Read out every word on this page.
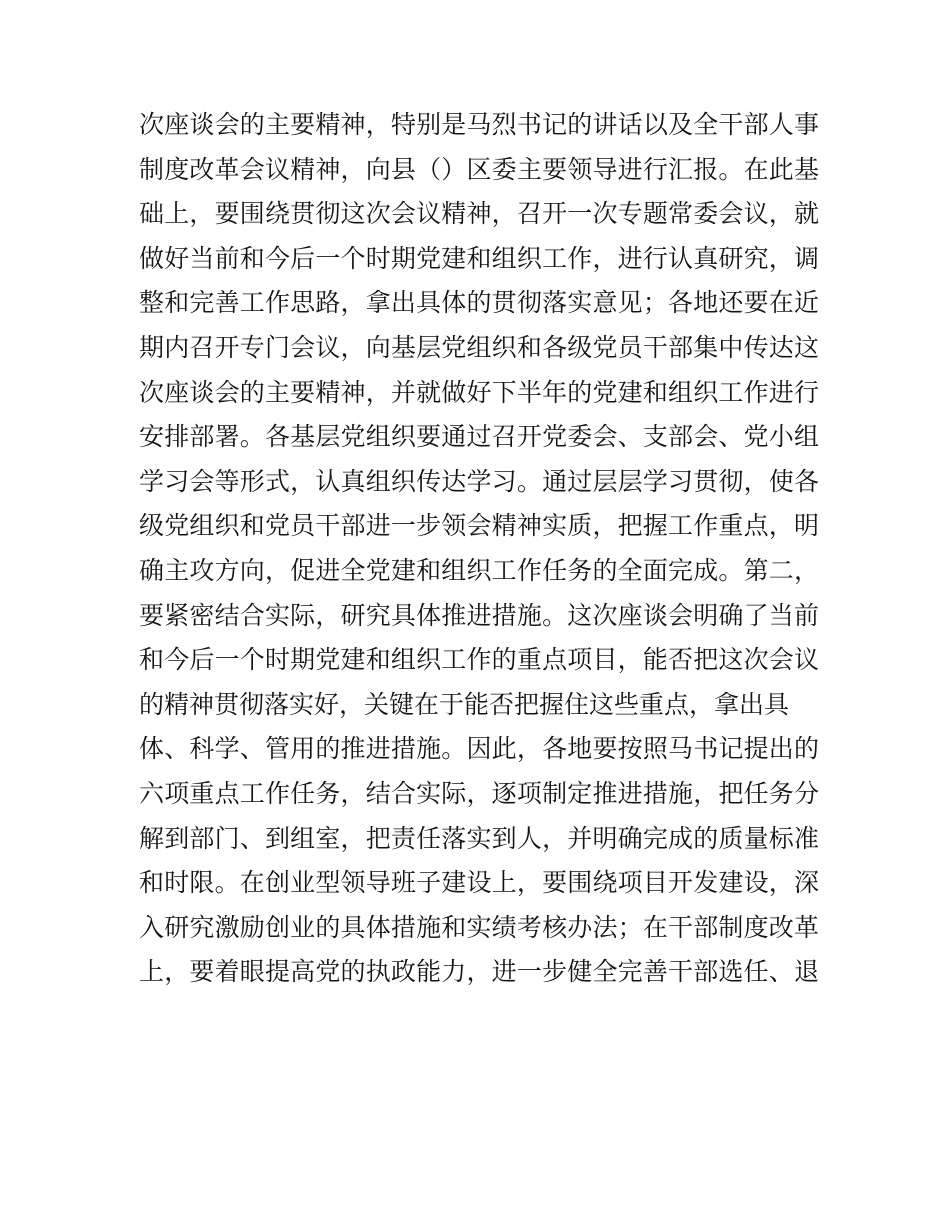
次座谈会的主要精神，特别是马烈书记的讲话以及全干部人事
制度改革会议精神，向县（）区委主要领导进行汇报。在此基
础上，要围绕贯彻这次会议精神，召开一次专题常委会议，就
做好当前和今后一个时期党建和组织工作，进行认真研究，调
整和完善工作思路，拿出具体的贯彻落实意见；各地还要在近
期内召开专门会议，向基层党组织和各级党员干部集中传达这
次座谈会的主要精神，并就做好下半年的党建和组织工作进行
安排部署。各基层党组织要通过召开党委会、支部会、党小组
学习会等形式，认真组织传达学习。通过层层学习贯彻，使各
级党组织和党员干部进一步领会精神实质，把握工作重点，明
确主攻方向，促进全党建和组织工作任务的全面完成。第二，
要紧密结合实际，研究具体推进措施。这次座谈会明确了当前
和今后一个时期党建和组织工作的重点项目，能否把这次会议
的精神贯彻落实好，关键在于能否把握住这些重点，拿出具
体、科学、管用的推进措施。因此，各地要按照马书记提出的
六项重点工作任务，结合实际，逐项制定推进措施，把任务分
解到部门、到组室，把责任落实到人，并明确完成的质量标准
和时限。在创业型领导班子建设上，要围绕项目开发建设，深
入研究激励创业的具体措施和实绩考核办法；在干部制度改革
上，要着眼提高党的执政能力，进一步健全完善干部选任、退
